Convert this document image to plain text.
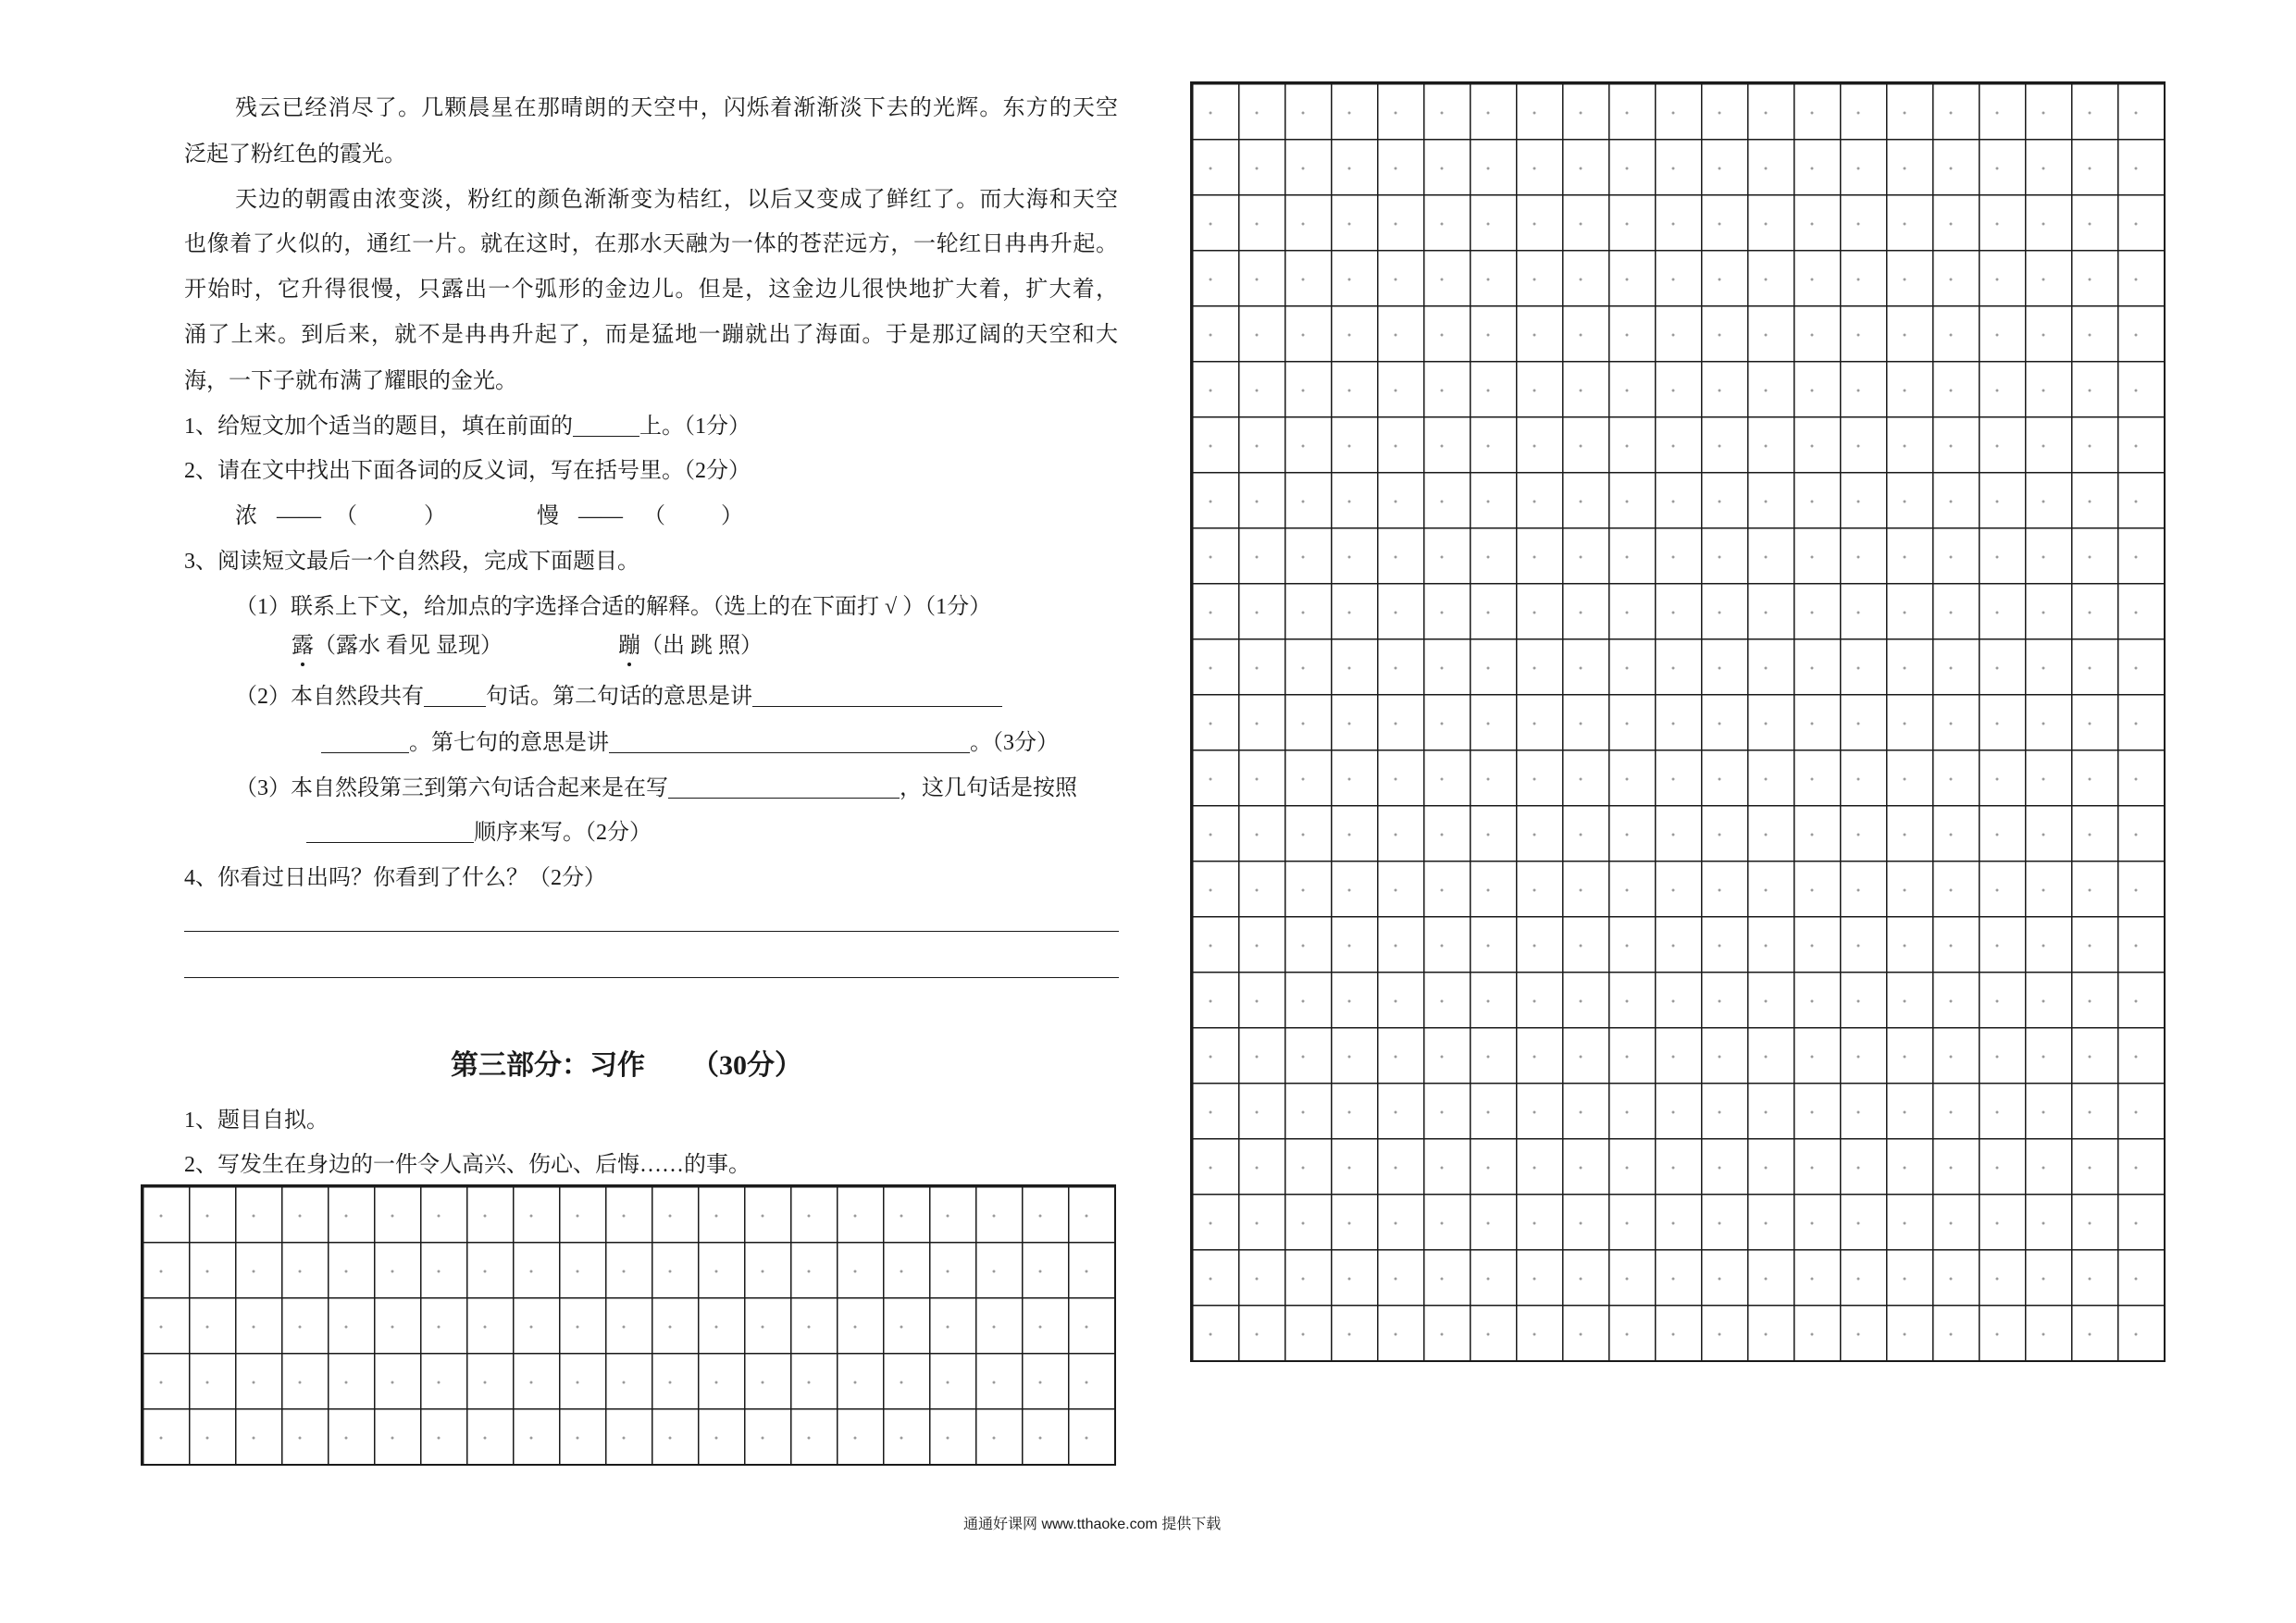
残云已经消尽了。几颗晨星在那晴朗的天空中，闪烁着渐渐淡下去的光辉。东方的天空
泛起了粉红色的霞光。
天边的朝霞由浓变淡，粉红的颜色渐渐变为桔红，以后又变成了鲜红了。而大海和天空
也像着了火似的，通红一片。就在这时，在那水天融为一体的苍茫远方，一轮红日冉冉升起。
开始时，它升得很慢，只露出一个弧形的金边儿。但是，这金边儿很快地扩大着，扩大着，
涌了上来。到后来，就不是冉冉升起了，而是猛地一蹦就出了海面。于是那辽阔的天空和大
海，一下子就布满了耀眼的金光。
1、给短文加个适当的题目，填在前面的	上。（1分）
2、请在文中找出下面各词的反义词，写在括号里。（2分）
浓 —— （	）	慢 —— （	）
3、阅读短文最后一个自然段，完成下面题目。
（1）联系上下文，给加点的字选择合适的解释。（选上的在下面打 √ ）（1分）
露 （露水 看见 显现）	蹦 （出 跳 照）
（2）本自然段共有	句话。第二句话的意思是讲
。第七句的意思是讲	。（3分）
（3）本自然段第三到第六句话合起来是在写	，这几句话是按照
顺序来写。（2分）
4、你看过日出吗？你看到了什么？（2分）
第三部分：习作 （30分）
1、题目自拟。
2、写发生在身边的一件令人高兴、伤心、后悔……的事。
通通好课网 www.tthaoke.com 提供下载
